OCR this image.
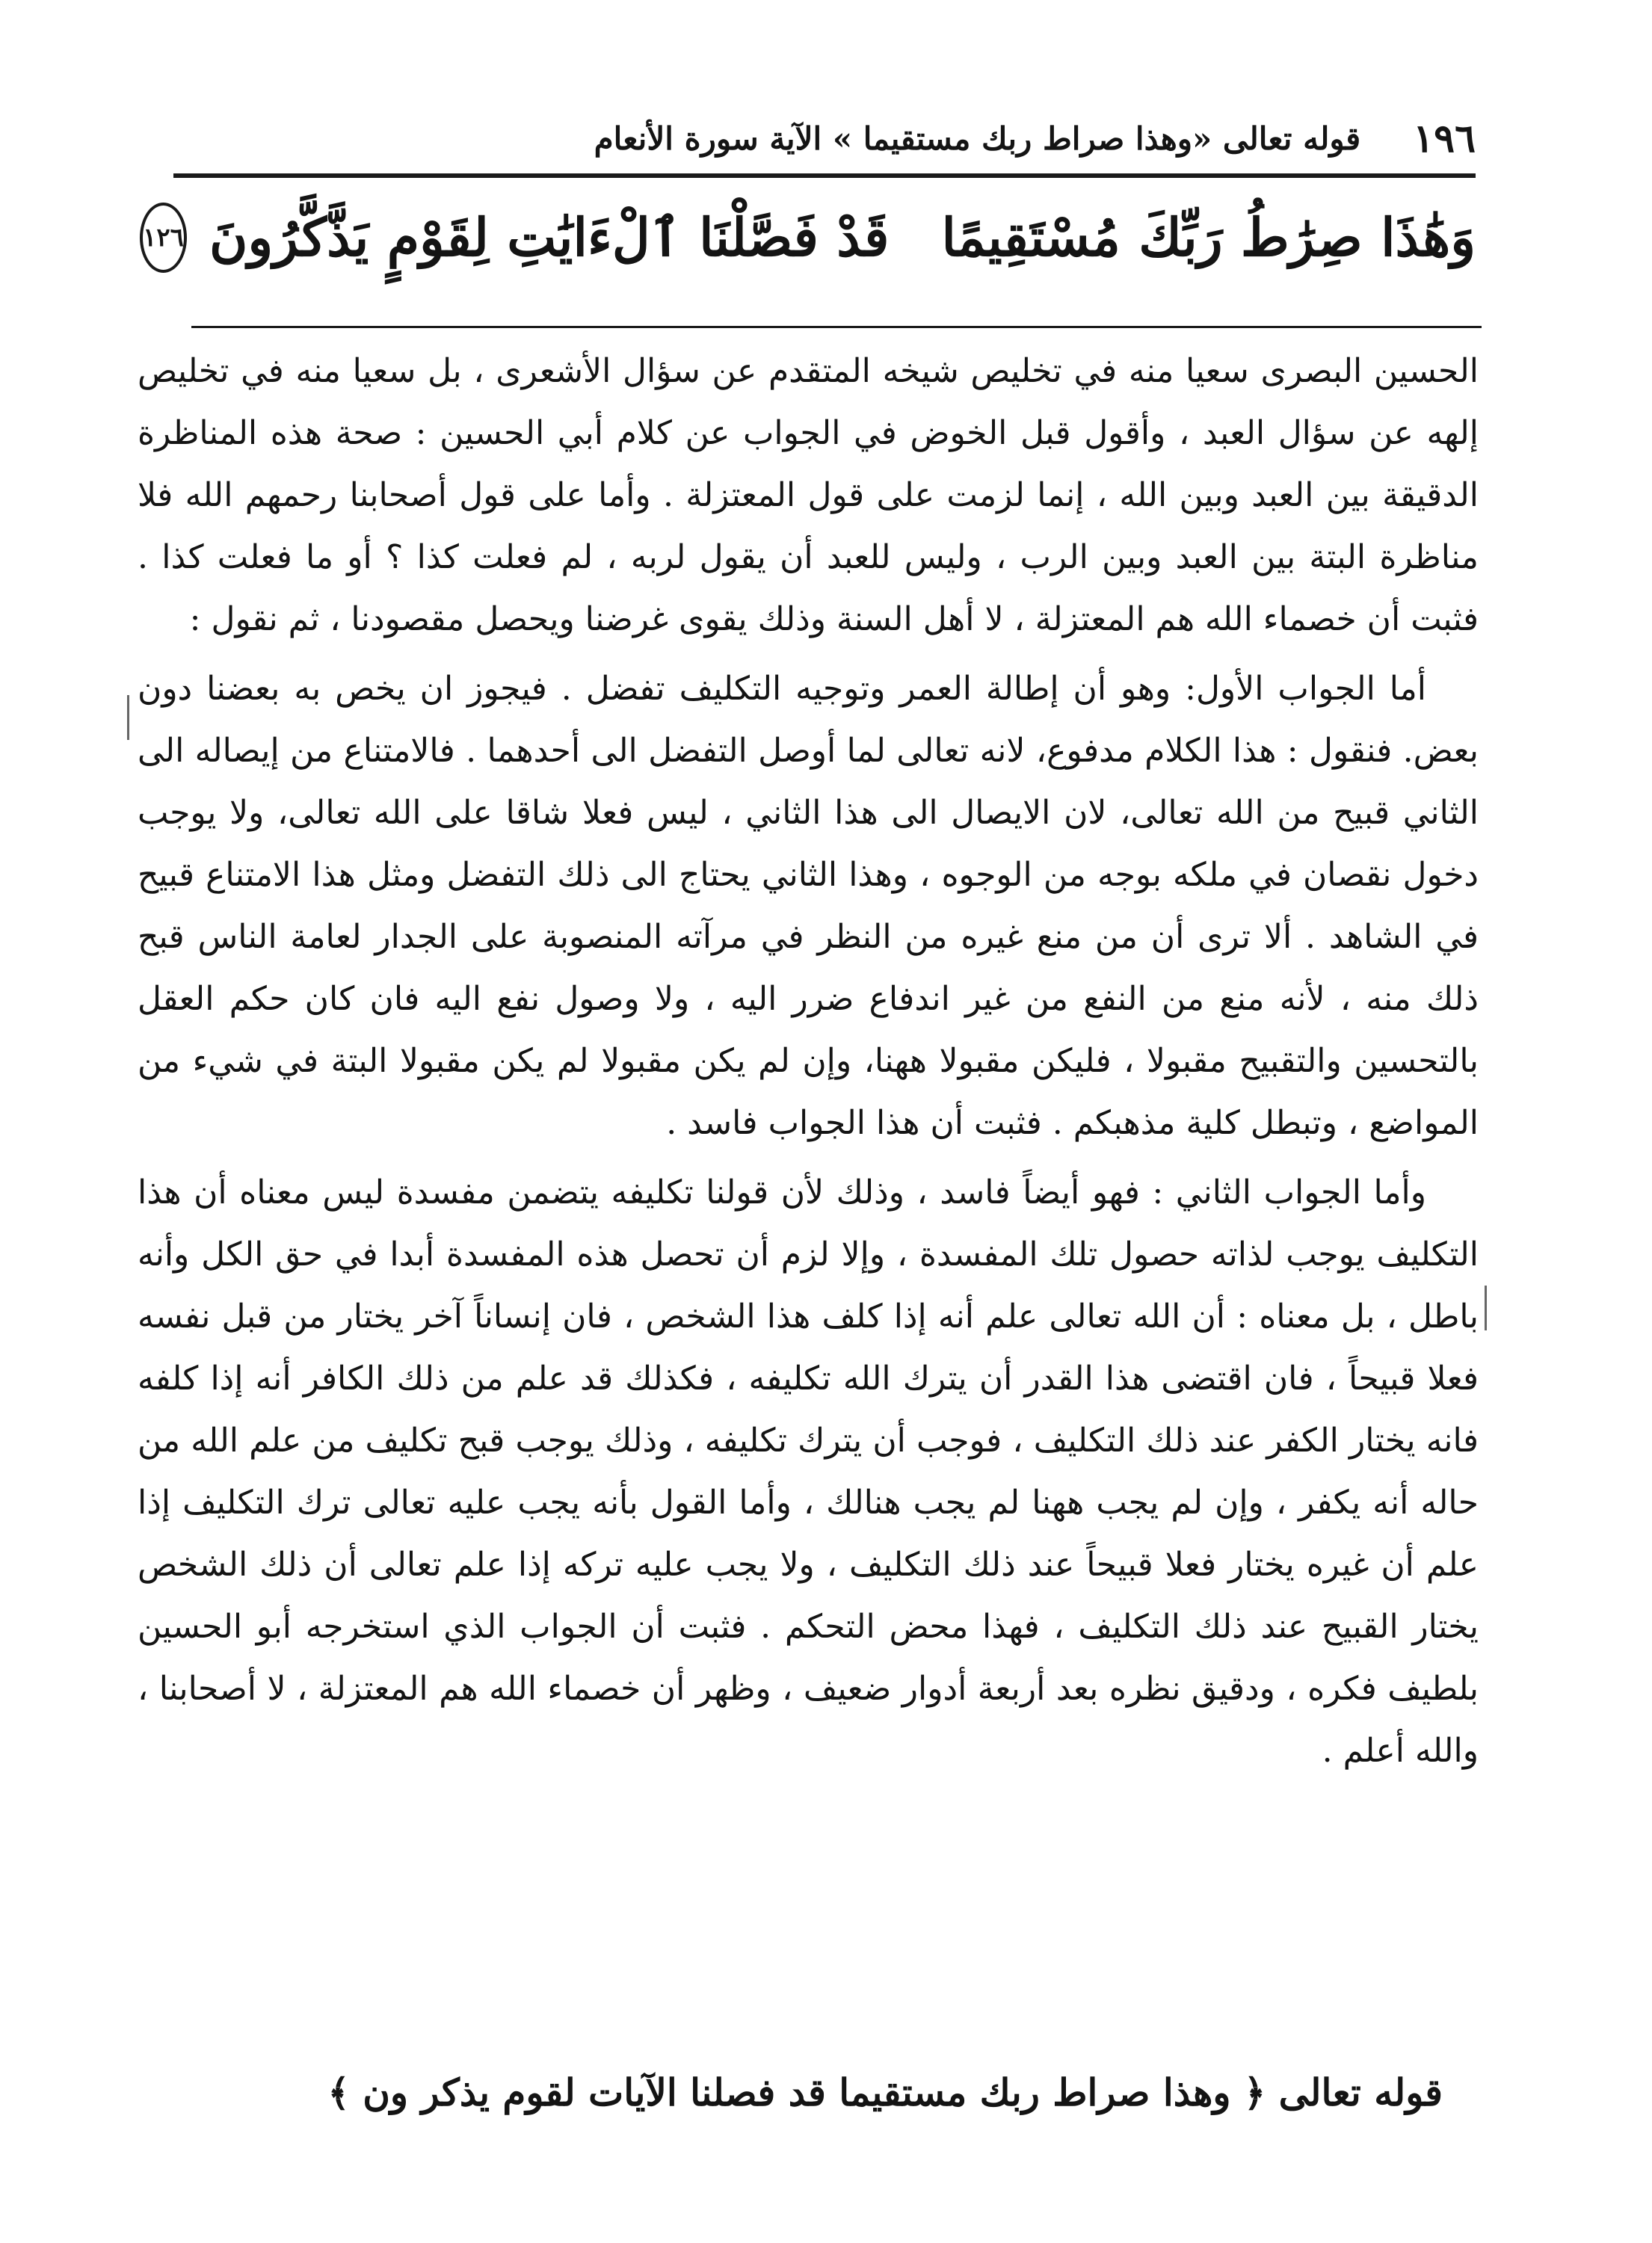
١٩٦
قوله تعالى «وهذا صراط ربك مستقيما » الآية سورة الأنعام
وَهَٰذَا صِرَٰطُ رَبِّكَ مُسْتَقِيمًا
قَدْ فَصَّلْنَا ٱلْءَايَٰتِ لِقَوْمٍ يَذَّكَّرُونَ
١٢٦

الحسين البصرى سعيا منه في تخليص شيخه المتقدم عن سؤال الأشعرى ، بل سعيا منه في تخليص إلهه عن سؤال العبد ، وأقول قبل الخوض في الجواب عن كلام أبي الحسين : صحة هذه المناظرة الدقيقة بين العبد وبين الله ، إنما لزمت على قول المعتزلة . وأما على قول أصحابنا رحمهم الله فلا مناظرة البتة بين العبد وبين الرب ، وليس للعبد أن يقول لربه ، لم فعلت كذا ؟ أو ما فعلت كذا . فثبت أن خصماء الله هم المعتزلة ، لا أهل السنة وذلك يقوى غرضنا ويحصل مقصودنا ، ثم نقول :

أما الجواب الأول: وهو أن إطالة العمر وتوجيه التكليف تفضل . فيجوز ان يخص به بعضنا دون بعض. فنقول : هذا الكلام مدفوع، لانه تعالى لما أوصل التفضل الى أحدهما . فالامتناع من إيصاله الى الثاني قبيح من الله تعالى، لان الايصال الى هذا الثاني ، ليس فعلا شاقا على الله تعالى، ولا يوجب دخول نقصان في ملكه بوجه من الوجوه ، وهذا الثاني يحتاج الى ذلك التفضل ومثل هذا الامتناع قبيح في الشاهد . ألا ترى أن من منع غيره من النظر في مرآته المنصوبة على الجدار لعامة الناس قبح ذلك منه ، لأنه منع من النفع من غير اندفاع ضرر اليه ، ولا وصول نفع اليه فان كان حكم العقل بالتحسين والتقبيح مقبولا ، فليكن مقبولا ههنا، وإن لم يكن مقبولا لم يكن مقبولا البتة في شيء من المواضع ، وتبطل كلية مذهبكم . فثبت أن هذا الجواب فاسد .

وأما الجواب الثاني : فهو أيضاً فاسد ، وذلك لأن قولنا تكليفه يتضمن مفسدة ليس معناه أن هذا التكليف يوجب لذاته حصول تلك المفسدة ، وإلا لزم أن تحصل هذه المفسدة أبدا في حق الكل وأنه باطل ، بل معناه : أن الله تعالى علم أنه إذا كلف هذا الشخص ، فان إنساناً آخر يختار من قبل نفسه فعلا قبيحاً ، فان اقتضى هذا القدر أن يترك الله تكليفه ، فكذلك قد علم من ذلك الكافر أنه إذا كلفه فانه يختار الكفر عند ذلك التكليف ، فوجب أن يترك تكليفه ، وذلك يوجب قبح تكليف من علم الله من حاله أنه يكفر ، وإن لم يجب ههنا لم يجب هنالك ، وأما القول بأنه يجب عليه تعالى ترك التكليف إذا علم أن غيره يختار فعلا قبيحاً عند ذلك التكليف ، ولا يجب عليه تركه إذا علم تعالى أن ذلك الشخص يختار القبيح عند ذلك التكليف ، فهذا محض التحكم . فثبت أن الجواب الذي استخرجه أبو الحسين بلطيف فكره ، ودقيق نظره بعد أربعة أدوار ضعيف ، وظهر أن خصماء الله هم المعتزلة ، لا أصحابنا ، والله أعلم .

قوله تعالى ﴿ وهذا صراط ربك مستقيما قد فصلنا الآيات لقوم يذكر ون ﴾
